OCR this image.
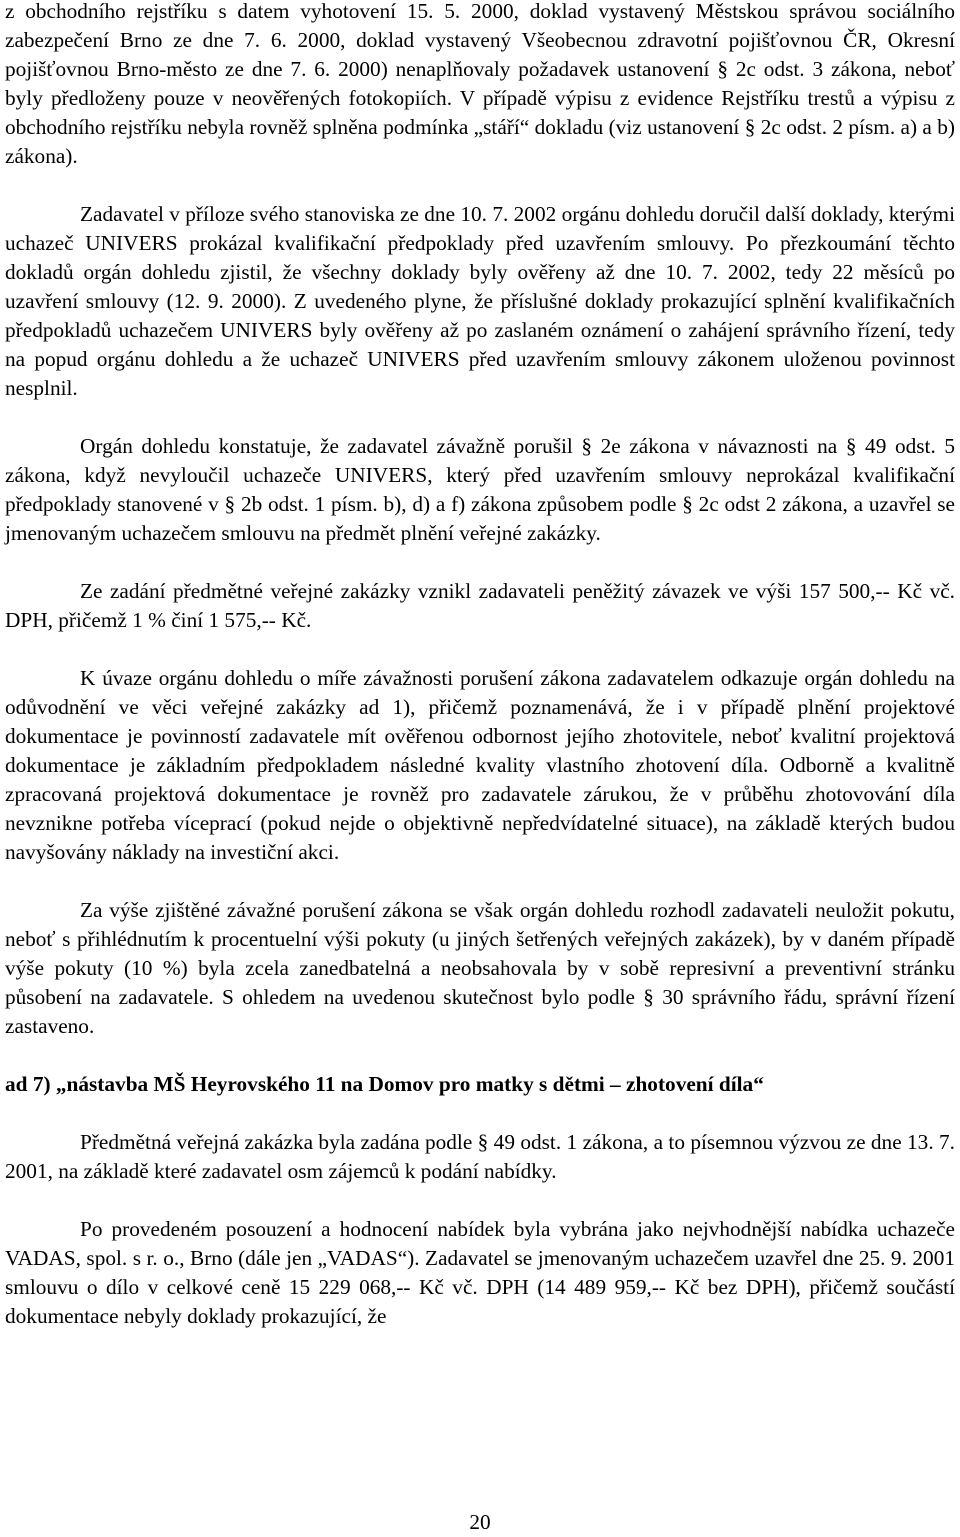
z obchodního rejstříku s datem vyhotovení 15. 5. 2000, doklad vystavený Městskou správou sociálního zabezpečení Brno ze dne 7. 6. 2000, doklad vystavený Všeobecnou zdravotní pojišťovnou ČR, Okresní pojišťovnou Brno-město ze dne 7. 6. 2000) nenaplňovaly požadavek ustanovení § 2c odst. 3 zákona, neboť byly předloženy pouze v neověřených fotokopiích. V případě výpisu z evidence Rejstříku trestů a výpisu z obchodního rejstříku nebyla rovněž splněna podmínka „stáří“ dokladu (viz ustanovení § 2c odst. 2 písm. a) a b) zákona).

Zadavatel v příloze svého stanoviska ze dne 10. 7. 2002 orgánu dohledu doručil další doklady, kterými uchazeč UNIVERS prokázal kvalifikační předpoklady před uzavřením smlouvy. Po přezkoumání těchto dokladů orgán dohledu zjistil, že všechny doklady byly ověřeny až dne 10. 7. 2002, tedy 22 měsíců po uzavření smlouvy (12. 9. 2000). Z uvedeného plyne, že příslušné doklady prokazující splnění kvalifikačních předpokladů uchazečem UNIVERS byly ověřeny až po zaslaném oznámení o zahájení správního řízení, tedy na popud orgánu dohledu a že uchazeč UNIVERS před uzavřením smlouvy zákonem uloženou povinnost nesplnil.

Orgán dohledu konstatuje, že zadavatel závažně porušil § 2e zákona v návaznosti na § 49 odst. 5 zákona, když nevyloučil uchazeče UNIVERS, který před uzavřením smlouvy neprokázal kvalifikační předpoklady stanovené v § 2b odst. 1 písm. b), d) a f) zákona způsobem podle § 2c odst 2 zákona, a uzavřel se jmenovaným uchazečem smlouvu na předmět plnění veřejné zakázky.

Ze zadání předmětné veřejné zakázky vznikl zadavateli peněžitý závazek ve výši 157 500,-- Kč vč. DPH, přičemž 1 % činí 1 575,-- Kč.

K úvaze orgánu dohledu o míře závažnosti porušení zákona zadavatelem odkazuje orgán dohledu na odůvodnění ve věci veřejné zakázky ad 1), přičemž poznamenává, že i v případě plnění projektové dokumentace je povinností zadavatele mít ověřenou odbornost jejího zhotovitele, neboť kvalitní projektová dokumentace je základním předpokladem následné kvality vlastního zhotovení díla. Odborně a kvalitně zpracovaná projektová dokumentace je rovněž pro zadavatele zárukou, že v průběhu zhotovování díla nevznikne potřeba víceprací (pokud nejde o objektivně nepředvídatelné situace), na základě kterých budou navyšovány náklady na investiční akci.

Za výše zjištěné závažné porušení zákona se však orgán dohledu rozhodl zadavateli neuložit pokutu, neboť s přihlédnutím k procentuelní výši pokuty (u jiných šetřených veřejných zakázek), by v daném případě výše pokuty (10 %) byla zcela zanedbatelná a neobsahovala by v sobě represivní a preventivní stránku působení na zadavatele. S ohledem na uvedenou skutečnost bylo podle § 30 správního řádu, správní řízení zastaveno.

ad 7) „nástavba MŠ Heyrovského 11 na Domov pro matky s dětmi – zhotovení díla“

Předmětná veřejná zakázka byla zadána podle § 49 odst. 1 zákona, a to písemnou výzvou ze dne 13. 7. 2001, na základě které zadavatel osm zájemců k podání nabídky.

Po provedeném posouzení a hodnocení nabídek byla vybrána jako nejvhodnější nabídka uchazeče VADAS, spol. s r. o., Brno (dále jen „VADAS“). Zadavatel se jmenovaným uchazečem uzavřel dne 25. 9. 2001 smlouvu o dílo v celkové ceně 15 229 068,-- Kč vč. DPH (14 489 959,-- Kč bez DPH), přičemž součástí dokumentace nebyly doklady prokazující, že

20
